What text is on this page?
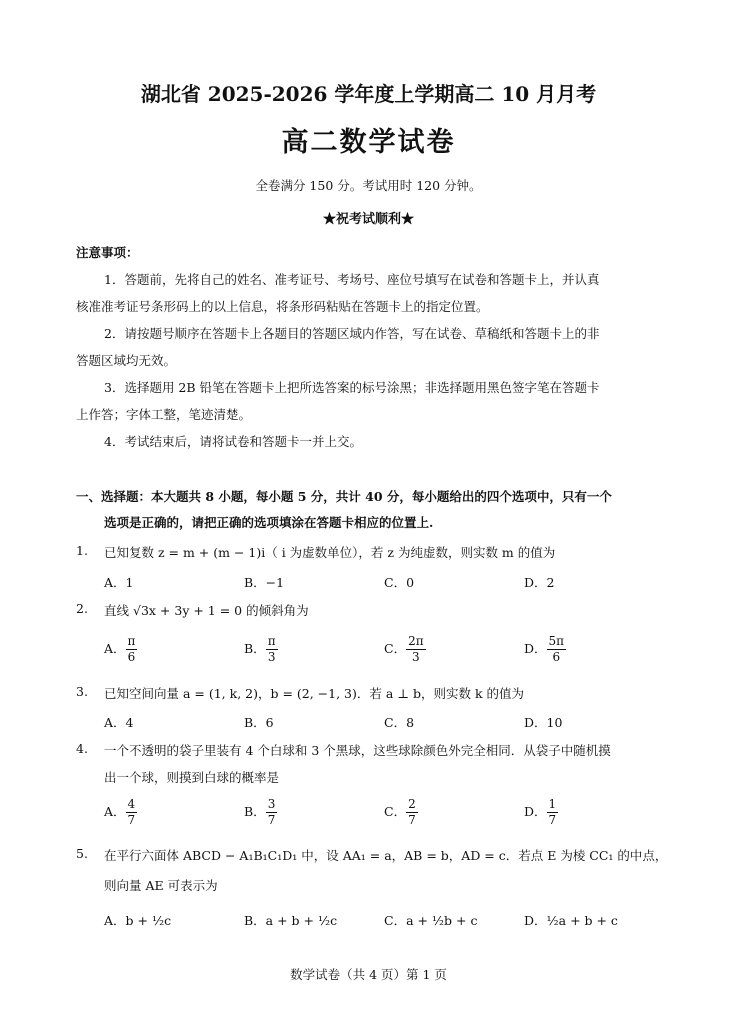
湖北省 2025-2026 学年度上学期高二 10 月月考
高二数学试卷
全卷满分 150 分。考试用时 120 分钟。
★祝考试顺利★
注意事项：
1．答题前，先将自己的姓名、准考证号、考场号、座位号填写在试卷和答题卡上，并认真
核准准考证号条形码上的以上信息，将条形码粘贴在答题卡上的指定位置。
2．请按题号顺序在答题卡上各题目的答题区域内作答，写在试卷、草稿纸和答题卡上的非
答题区域均无效。
3．选择题用 2B 铅笔在答题卡上把所选答案的标号涂黑；非选择题用黑色签字笔在答题卡
上作答；字体工整，笔迹清楚。
4．考试结束后，请将试卷和答题卡一并上交。
一、选择题：本大题共 8 小题，每小题 5 分，共计 40 分，每小题给出的四个选项中，只有一个
选项是正确的，请把正确的选项填涂在答题卡相应的位置上.
1. 已知复数 z = m + (m − 1)i（ i 为虚数单位），若 z 为纯虚数，则实数 m 的值为
A．1	B．−1	C．0	D．2
2. 直线 √3x + 3y + 1 = 0 的倾斜角为
A． $\frac{\pi}{6}$	B． $\frac{\pi}{3}$	C． $\frac{2\pi}{3}$	D． $\frac{5\pi}{6}$
3. 已知空间向量 a = (1, k, 2)，b = (2, −1, 3)．若 a ⊥ b，则实数 k 的值为
A．4	B．6	C．8	D．10
4. 一个不透明的袋子里装有 4 个白球和 3 个黑球，这些球除颜色外完全相同．从袋子中随机摸
出一个球，则摸到白球的概率是
A． $\frac{4}{7}$	B． $\frac{3}{7}$	C． $\frac{2}{7}$	D． $\frac{1}{7}$
5. 在平行六面体 ABCD − A₁B₁C₁D₁ 中，设 AA₁ = a，AB = b，AD = c．若点 E 为棱 CC₁ 的中点，
则向量 AE 可表示为
A．b + ½c	B．a + b + ½c	C．a + ½b + c	D．½a + b + c
数学试卷（共 4 页）第 1 页
